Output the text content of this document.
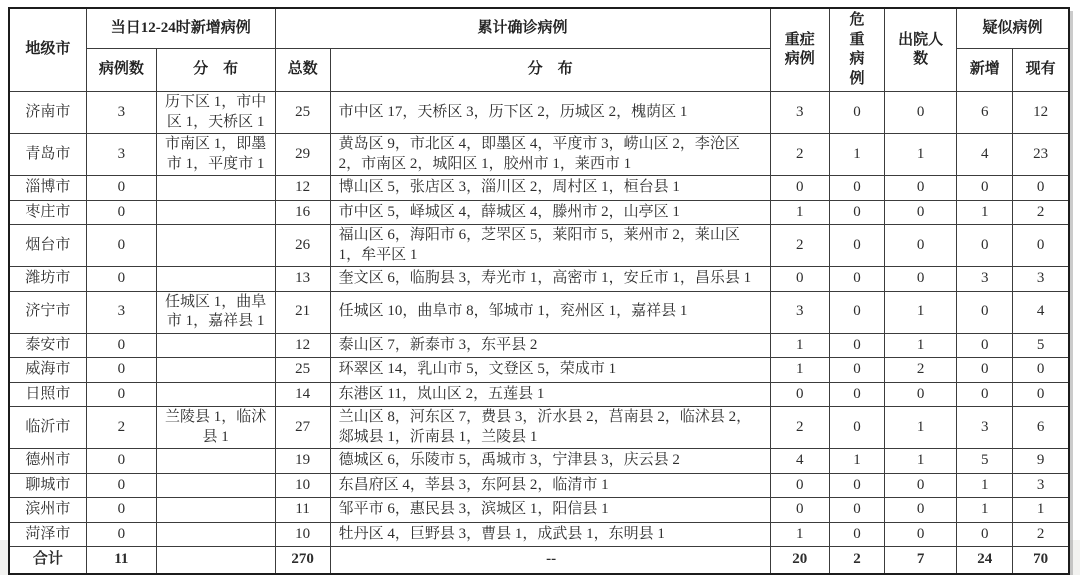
地级市	当日12-24时新增病例		累计确诊病例		重症病例	危重病例	出院人数	疑似病例	
	病例数	分　布	总数	分　布				新增	现有
济南市	3	历下区 1，市中区 1，天桥区 1	25	市中区 17，天桥区 3，历下区 2，历城区 2，槐荫区 1	3	0	0	6	12
青岛市	3	市南区 1，即墨市 1，平度市 1	29	黄岛区 9，市北区 4，即墨区 4，平度市 3，崂山区 2，李沧区 2，市南区 2，城阳区 1，胶州市 1，莱西市 1	2	1	1	4	23
淄博市	0		12	博山区 5，张店区 3，淄川区 2，周村区 1，桓台县 1	0	0	0	0	0
枣庄市	0		16	市中区 5，峄城区 4，薛城区 4，滕州市 2，山亭区 1	1	0	0	1	2
烟台市	0		26	福山区 6，海阳市 6，芝罘区 5，莱阳市 5，莱州市 2，莱山区 1，牟平区 1	2	0	0	0	0
潍坊市	0		13	奎文区 6，临朐县 3，寿光市 1，高密市 1，安丘市 1，昌乐县 1	0	0	0	3	3
济宁市	3	任城区 1，曲阜市 1，嘉祥县 1	21	任城区 10，曲阜市 8，邹城市 1，兖州区 1，嘉祥县 1	3	0	1	0	4
泰安市	0		12	泰山区 7，新泰市 3，东平县 2	1	0	1	0	5
威海市	0		25	环翠区 14，乳山市 5，文登区 5，荣成市 1	1	0	2	0	0
日照市	0		14	东港区 11，岚山区 2，五莲县 1	0	0	0	0	0
临沂市	2	兰陵县 1，临沭县 1	27	兰山区 8，河东区 7，费县 3，沂水县 2，莒南县 2，临沭县 2，郯城县 1，沂南县 1，兰陵县 1	2	0	1	3	6
德州市	0		19	德城区 6，乐陵市 5，禹城市 3，宁津县 3，庆云县 2	4	1	1	5	9
聊城市	0		10	东昌府区 4，莘县 3，东阿县 2，临清市 1	0	0	0	1	3
滨州市	0		11	邹平市 6，惠民县 3，滨城区 1，阳信县 1	0	0	0	1	1
菏泽市	0		10	牡丹区 4，巨野县 3，曹县 1，成武县 1，东明县 1	1	0	0	0	2
合计	11		270	--	20	2	7	24	70
